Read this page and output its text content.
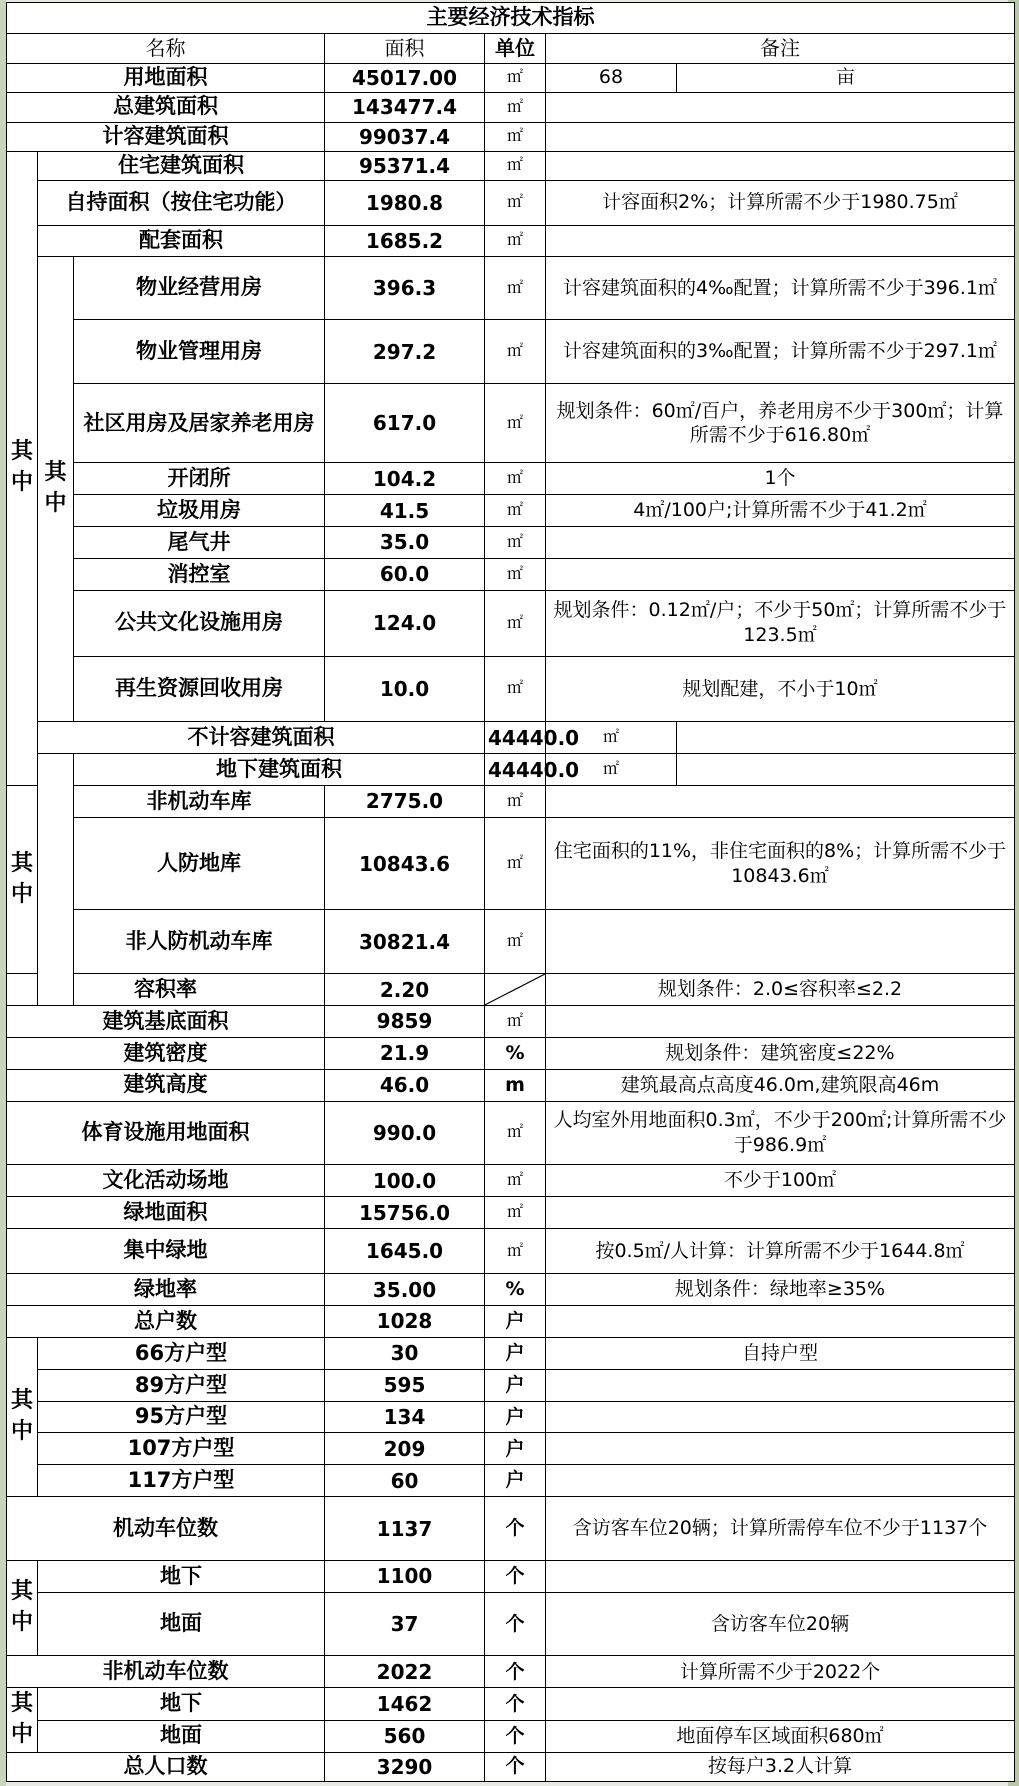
主要经济技术指标						
名称			面积	单位	备注	
用地面积			45017.00	㎡	68	亩
总建筑面积			143477.4	㎡		
计容建筑面积			99037.4	㎡		
其中	住宅建筑面积		95371.4	㎡		
	自持面积（按住宅功能）		1980.8	㎡	计容面积2%；计算所需不少于1980.75㎡	
	配套面积		1685.2	㎡		
	其中	物业经营用房	396.3	㎡	计容建筑面积的4‰配置；计算所需不少于396.1㎡	
		物业管理用房	297.2	㎡	计容建筑面积的3‰配置；计算所需不少于297.1㎡	
		社区用房及居家养老用房	617.0	㎡	规划条件：60㎡/百户，养老用房不少于300㎡；计算所需不少于616.80㎡	
		开闭所	104.2	㎡	1个	
		垃圾用房	41.5	㎡	4㎡/100户;计算所需不少于41.2㎡	
		尾气井	35.0	㎡		
		消控室	60.0	㎡		
		公共文化设施用房	124.0	㎡	规划条件：0.12㎡/户；不少于50㎡；计算所需不少于123.5㎡	
		再生资源回收用房	10.0	㎡	规划配建，不小于10㎡	
	不计容建筑面积			44440.0	㎡	
		地下建筑面积		44440.0	㎡	
其中		非机动车库	2775.0	㎡		
		人防地库	10843.6	㎡	住宅面积的11%，非住宅面积的8%；计算所需不少于10843.6㎡	
		非人防机动车库	30821.4	㎡		
容积率			2.20		规划条件：2.0≤容积率≤2.2	
建筑基底面积			9859	㎡		
建筑密度			21.9	%	规划条件：建筑密度≤22%	
建筑高度			46.0	m	建筑最高点高度46.0m,建筑限高46m	
体育设施用地面积			990.0	㎡	人均室外用地面积0.3㎡，不少于200㎡;计算所需不少于986.9㎡	
文化活动场地			100.0	㎡	不少于100㎡	
绿地面积			15756.0	㎡		
集中绿地			1645.0	㎡	按0.5㎡/人计算：计算所需不少于1644.8㎡	
绿地率			35.00	%	规划条件：绿地率≥35%	
总户数			1028	户		
其中	66方户型		30	户	自持户型	
	89方户型		595	户		
	95方户型		134	户		
	107方户型		209	户		
	117方户型		60	户		
机动车位数			1137	个	含访客车位20辆；计算所需停车位不少于1137个	
其中	地下		1100	个		
	地面		37	个	含访客车位20辆	
非机动车位数			2022	个	计算所需不少于2022个	
其中	地下		1462	个		
	地面		560	个	地面停车区域面积680㎡	
总人口数			3290	个	按每户3.2人计算	
